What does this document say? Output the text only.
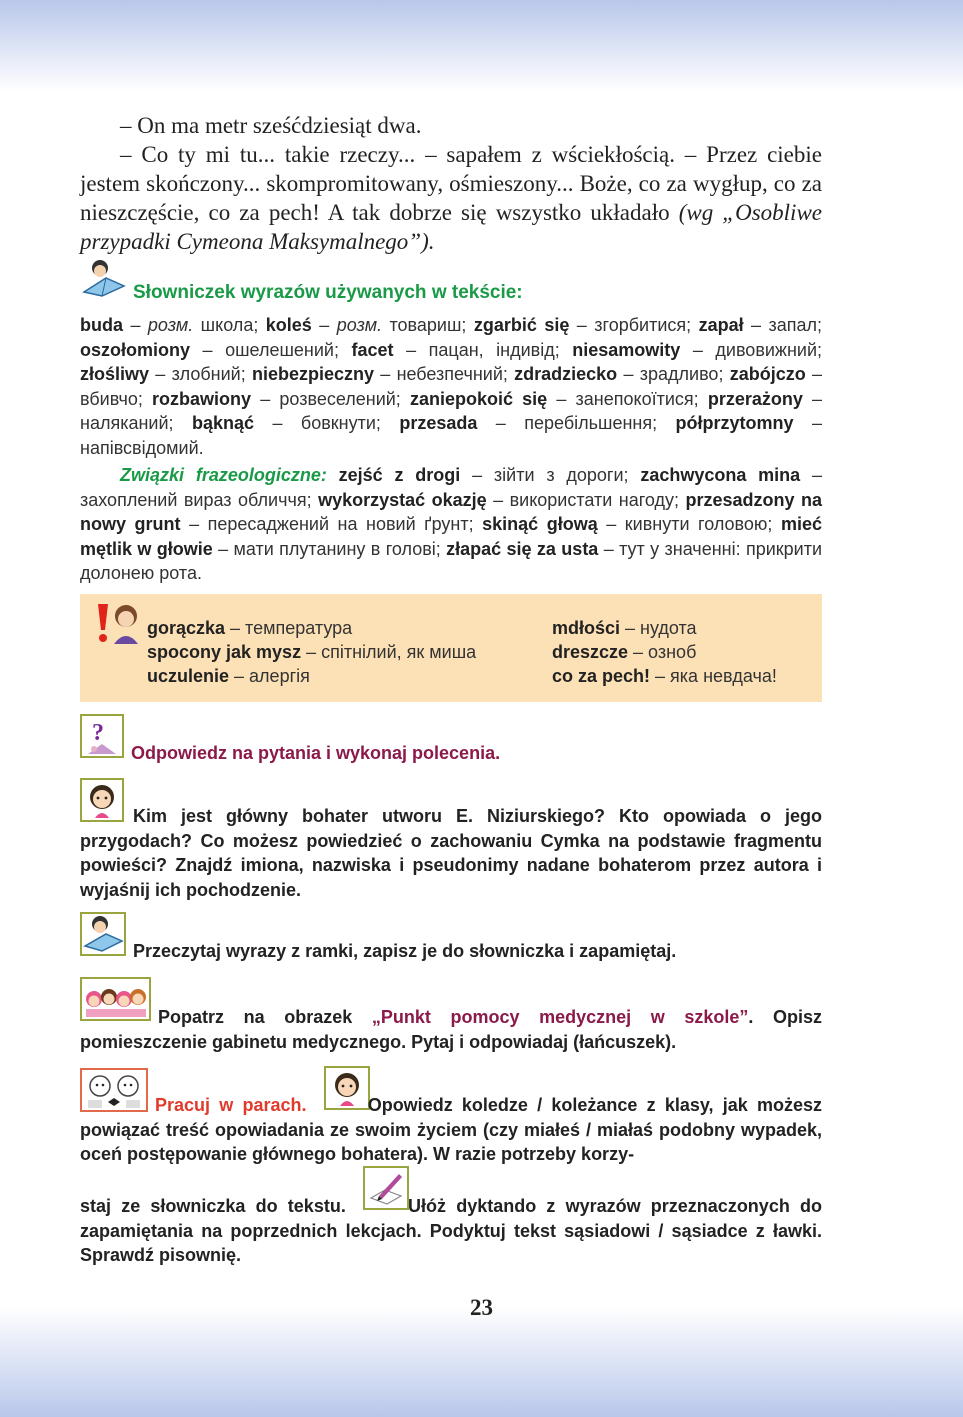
– On ma metr sześćdziesiąt dwa.
– Co ty mi tu... takie rzeczy... – sapałem z wściekłością. – Przez ciebie jestem skończony... skompromitowany, ośmieszony... Boże, co za wygłup, co za nieszczęście, co za pech! A tak dobrze się wszystko układało (wg „Osobliwe przypadki Cymeona Maksymalnego”).
Słowniczek wyrazów używanych w tekście:
buda – розм. школа; koleś – розм. товариш; zgarbić się – згорбитися; zapał – запал; oszołomiony – ошелешений; facet – пацан, індивід; niesamowity – дивовижний; złośliwy – злобний; niebezpieczny – небезпечний; zdradziecko – зрадливо; zabójczo – вбивчо; rozbawiony – розвеселений; zaniepokoić się – занепокоїтися; przerażony – наляканий; bąknąć – бовкнути; przesada – перебільшення; półprzytomny – напівсвідомий.
Związki frazeologiczne: zejść z drogi – зійти з дороги; zachwycona mina – захоплений вираз обличчя; wykorzystać okazję – використати нагоду; przesadzony na nowy grunt – пересаджений на новий ґрунт; skinąć głową – кивнути головою; mieć mętlik w głowie – мати плутанину в голові; złapać się za usta – тут у значенні: прикрити долонею рота.
gorączka – температура
spocony jak mysz – спітнілий, як миша
uczulenie – алергія
mdłości – нудота
dreszcze – озноб
co za pech! – яка невдача!
?
Odpowiedz na pytania i wykonaj polecenia.
Kim jest główny bohater utworu E. Niziurskiego? Kto opowiada o jego przygodach? Co możesz powiedzieć o zachowaniu Cymka na podstawie fragmentu powieści? Znajdź imiona, nazwiska i pseudonimy nadane bohaterom przez autora i wyjaśnij ich pochodzenie.
Przeczytaj wyrazy z ramki, zapisz je do słowniczka i zapamiętaj.
Popatrz na obrazek „Punkt pomocy medycznej w szkole”. Opisz pomieszczenie gabinetu medycznego. Pytaj i odpowiadaj (łańcuszek).
Pracuj w parach.	Opowiedz koledze / koleżance z klasy, jak możesz powiązać treść opowiadania ze swoim życiem (czy miałeś / miałaś podobny wypadek, oceń postępowanie głównego bohatera). W razie potrzeby korzy-
staj ze słowniczka do tekstu.	Ułóż dyktando z wyrazów przeznaczonych do zapamiętania na poprzednich lekcjach. Podyktuj tekst sąsiadowi / sąsiadce z ławki. Sprawdź pisownię.
23
